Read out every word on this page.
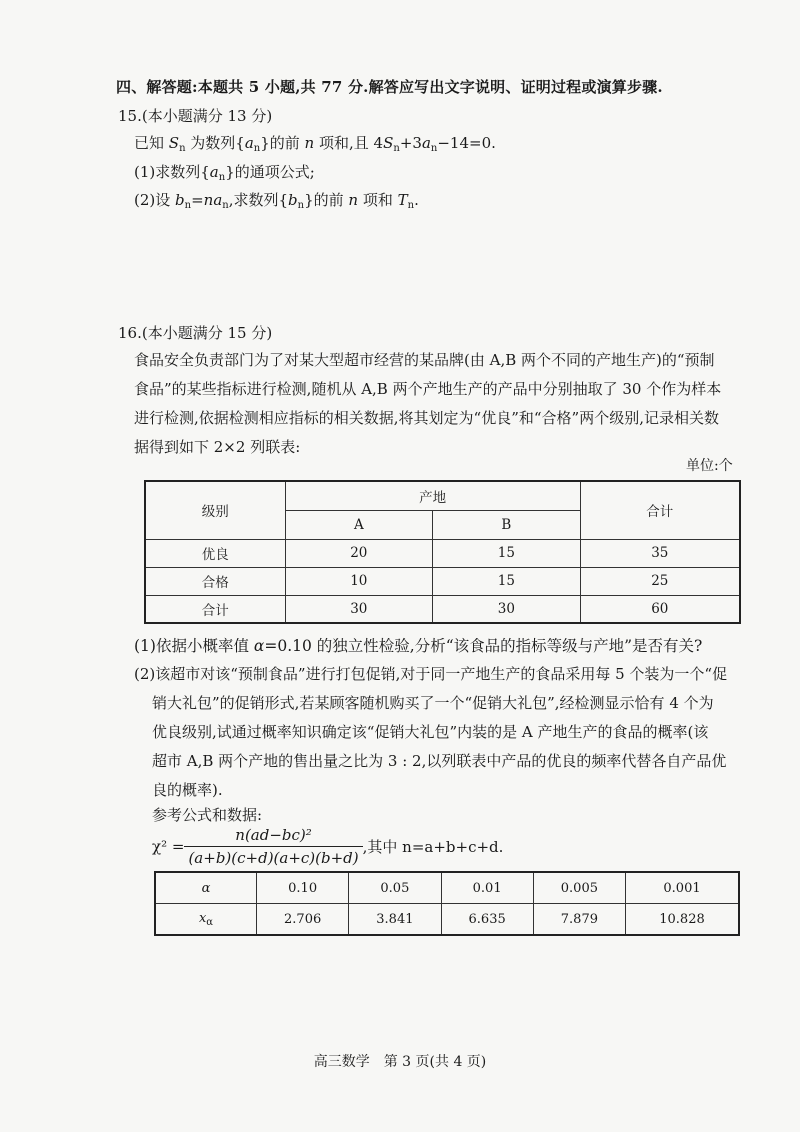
四、解答题:本题共 5 小题,共 77 分.解答应写出文字说明、证明过程或演算步骤.
15.(本小题满分 13 分)
已知 $S_n$ 为数列$\{a_n\}$的前 n 项和,且 $4S_n+3a_n-14=0$.
(1)求数列$\{a_n\}$的通项公式;
(2)设 $b_n=na_n$,求数列$\{b_n\}$的前 n 项和 $T_n$.
16.(本小题满分 15 分)
食品安全负责部门为了对某大型超市经营的某品牌(由 A,B 两个不同的产地生产)的“预制
食品”的某些指标进行检测,随机从 A,B 两个产地生产的产品中分别抽取了 30 个作为样本
进行检测,依据检测相应指标的相关数据,将其划定为“优良”和“合格”两个级别,记录相关数
据得到如下 2×2 列联表:
单位:个
级别	产地		合计
	A	B	
优良	20	15	35
合格	10	15	25
合计	30	30	60
(1)依据小概率值 α=0.10 的独立性检验,分析“该食品的指标等级与产地”是否有关?
(2)该超市对该“预制食品”进行打包促销,对于同一产地生产的食品采用每 5 个装为一个“促
销大礼包”的促销形式,若某顾客随机购买了一个“促销大礼包”,经检测显示恰有 4 个为
优良级别,试通过概率知识确定该“促销大礼包”内装的是 A 产地生产的食品的概率(该
超市 A,B 两个产地的售出量之比为 3 : 2,以列联表中产品的优良的频率代替各自产品优
良的概率).
参考公式和数据:
$\chi^2 = \frac{\text{n(ad−bc)²}}{(a+b)(c+d)(a+c)(b+d)}$ ,其中 n=a+b+c+d.
α	0.10	0.05	0.01	0.005	0.001
$x_\alpha$	2.706	3.841	6.635	7.879	10.828
高三数学　第 3 页(共 4 页)
